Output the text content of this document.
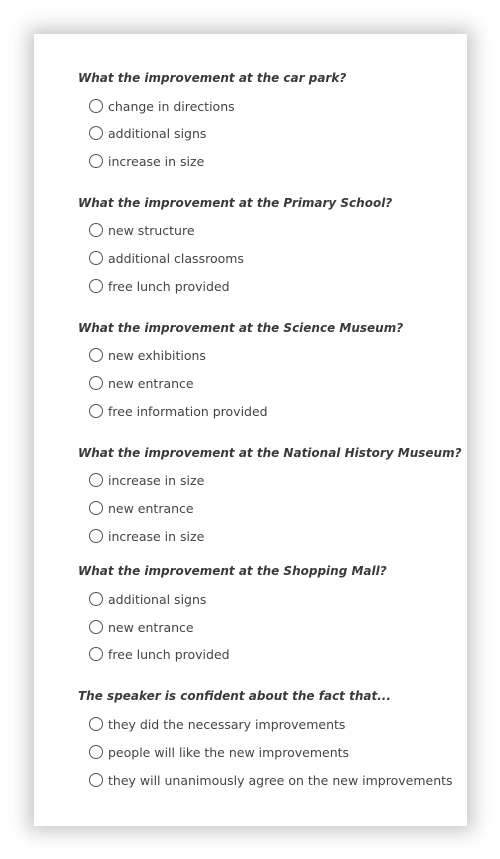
What the improvement at the car park?
change in directions
additional signs
increase in size
What the improvement at the Primary School?
new structure
additional classrooms
free lunch provided
What the improvement at the Science Museum?
new exhibitions
new entrance
free information provided
What the improvement at the National History Museum?
increase in size
new entrance
increase in size
What the improvement at the Shopping Mall?
additional signs
new entrance
free lunch provided
The speaker is confident about the fact that...
they did the necessary improvements
people will like the new improvements
they will unanimously agree on the new improvements
